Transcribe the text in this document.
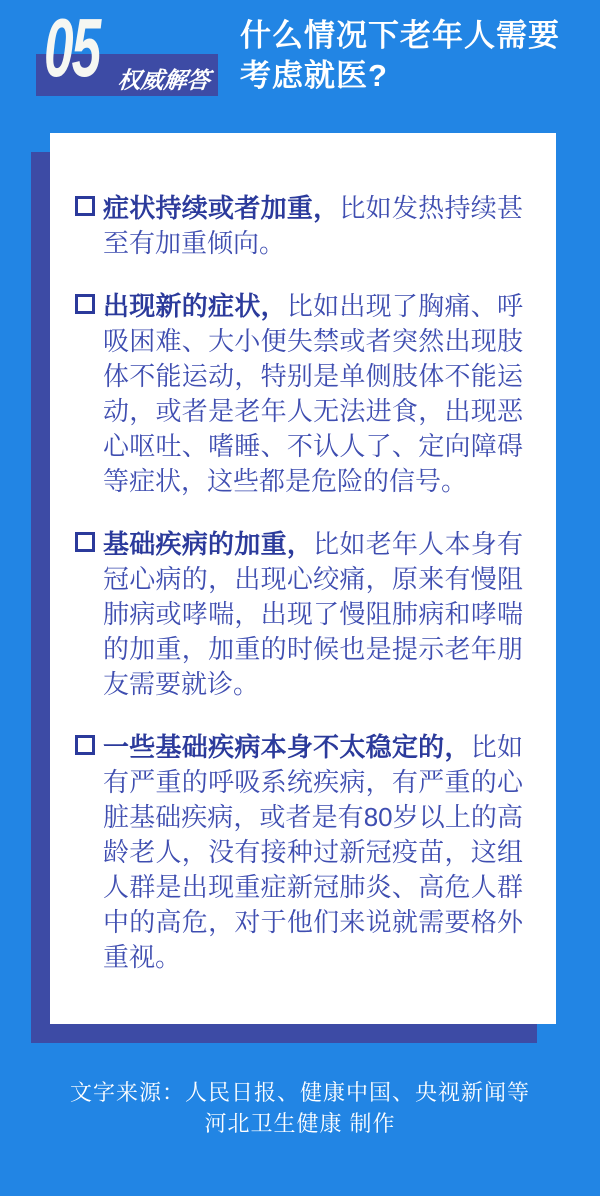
权威解答
05	什么情况下老年人需要
考虑就医?

症状持续或者加重，比如发热持续甚至有加重倾向。

出现新的症状，比如出现了胸痛、呼吸困难、大小便失禁或者突然出现肢体不能运动，特别是单侧肢体不能运动，或者是老年人无法进食，出现恶心呕吐、嗜睡、不认人了、定向障碍等症状，这些都是危险的信号。

基础疾病的加重，比如老年人本身有冠心病的，出现心绞痛，原来有慢阻肺病或哮喘，出现了慢阻肺病和哮喘的加重，加重的时候也是提示老年朋友需要就诊。

一些基础疾病本身不太稳定的，比如有严重的呼吸系统疾病，有严重的心脏基础疾病，或者是有80岁以上的高龄老人，没有接种过新冠疫苗，这组人群是出现重症新冠肺炎、高危人群中的高危，对于他们来说就需要格外重视。

文字来源：人民日报、健康中国、央视新闻等
河北卫生健康 制作
